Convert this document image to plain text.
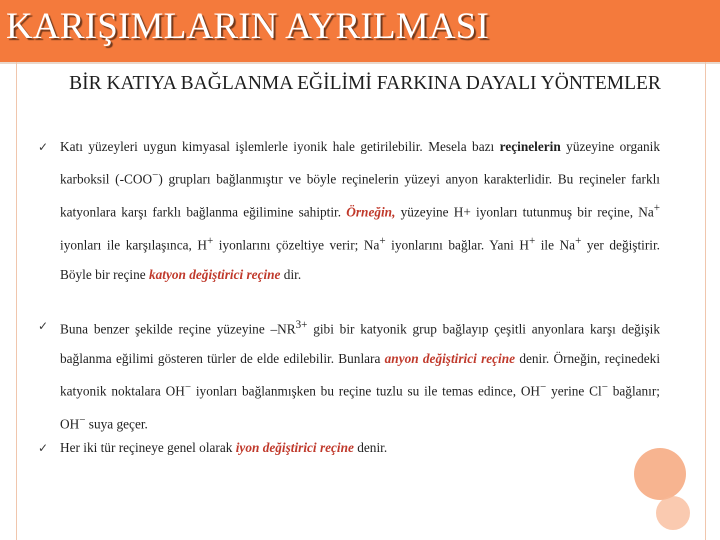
KARIŞIMLARIN AYRILMASI
BİR KATIYA BAĞLANMA EĞİLİMİ FARKINA DAYALI YÖNTEMLER
✓ Katı yüzeyleri uygun kimyasal işlemlerle iyonik hale getirilebilir. Mesela bazı reçinelerin yüzeyine organik karboksil (-COO−) grupları bağlanmıştır ve böyle reçinelerin yüzeyi anyon karakterlidir. Bu reçineler farklı katyonlara karşı farklı bağlanma eğilimine sahiptir. Örneğin, yüzeyine H+ iyonları tutunmuş bir reçine, Na+ iyonları ile karşılaşınca, H+ iyonlarını çözeltiye verir; Na+ iyonlarını bağlar. Yani H+ ile Na+ yer değiştirir. Böyle bir reçine katyon değiştirici reçine dir.
✓ Buna benzer şekilde reçine yüzeyine $-NR^{3+}$ gibi bir katyonik grup bağlayıp çeşitli anyonlara karşı değişik bağlanma eğilimi gösteren türler de elde edilebilir. Bunlara anyon değiştirici reçine denir. Örneğin, reçinedeki katyonik noktalara OH− iyonları bağlanmışken bu reçine tuzlu su ile temas edince, OH− yerine Cl− bağlanır; OH− suya geçer.
✓ Her iki tür reçineye genel olarak iyon değiştirici reçine denir.
